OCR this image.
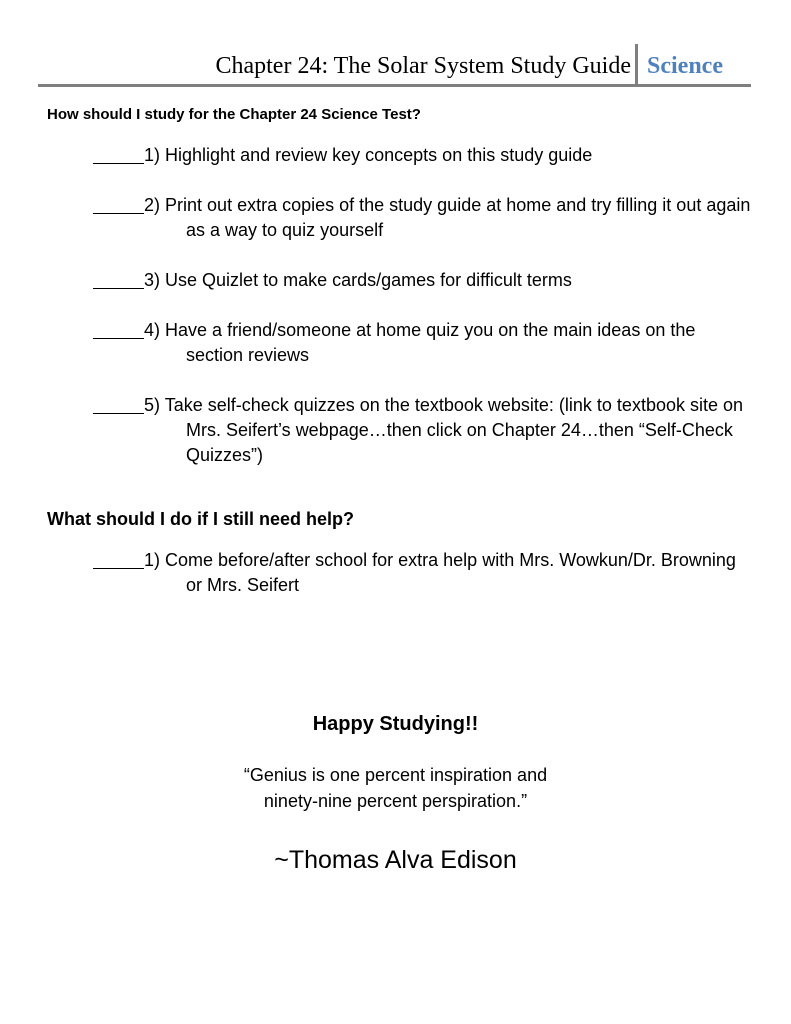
Chapter 24: The Solar System Study Guide Science
How should I study for the Chapter 24 Science Test?
1) Highlight and review key concepts on this study guide
2) Print out extra copies of the study guide at home and try filling it out again as a way to quiz yourself
3) Use Quizlet to make cards/games for difficult terms
4) Have a friend/someone at home quiz you on the main ideas on the section reviews
5) Take self-check quizzes on the textbook website: (link to textbook site on Mrs. Seifert’s webpage…then click on Chapter 24…then “Self-Check Quizzes”)
What should I do if I still need help?
1) Come before/after school for extra help with Mrs. Wowkun/Dr. Browning or Mrs. Seifert
Happy Studying!!
“Genius is one percent inspiration and
ninety-nine percent perspiration.”
~Thomas Alva Edison
